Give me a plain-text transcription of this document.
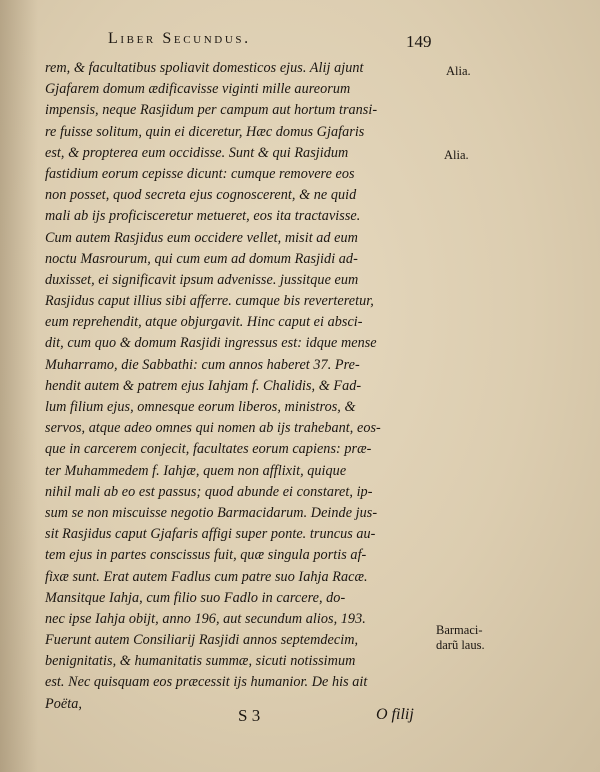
Liber Secundus.	149
rem, & facultatibus spoliavit domesticos ejus. Alij ajunt
Gjafarem domum ædificavisse viginti mille aureorum
impensis, neque Rasjidum per campum aut hortum transi-
re fuisse solitum, quin ei diceretur, Hæc domus Gjafaris
est, & propterea eum occidisse. Sunt & qui Rasjidum
fastidium eorum cepisse dicunt: cumque removere eos
non posset, quod secreta ejus cognoscerent, & ne quid
mali ab ijs proficisceretur metueret, eos ita tractavisse.
Cum autem Rasjidus eum occidere vellet, misit ad eum
noctu Masrourum, qui cum eum ad domum Rasjidi ad-
duxisset, ei significavit ipsum advenisse. jussitque eum
Rasjidus caput illius sibi afferre. cumque bis reverteretur,
eum reprehendit, atque objurgavit. Hinc caput ei absci-
dit, cum quo & domum Rasjidi ingressus est: idque mense
Muharramo, die Sabbathi: cum annos haberet 37. Pre-
hendit autem & patrem ejus Iahjam f. Chalidis, & Fad-
lum filium ejus, omnesque eorum liberos, ministros, &
servos, atque adeo omnes qui nomen ab ijs trahebant, eos-
que in carcerem conjecit, facultates eorum capiens: præ-
ter Muhammedem f. Iahjæ, quem non afflixit, quique
nihil mali ab eo est passus; quod abunde ei constaret, ip-
sum se non miscuisse negotio Barmacidarum. Deinde jus-
sit Rasjidus caput Gjafaris affigi super ponte. truncus au-
tem ejus in partes conscissus fuit, quæ singula portis af-
fixæ sunt. Erat autem Fadlus cum patre suo Iahja Racæ.
Mansitque Iahja, cum filio suo Fadlo in carcere, do-
nec ipse Iahja obijt, anno 196, aut secundum alios, 193.
Fuerunt autem Consiliarij Rasjidi annos septemdecim,
benignitatis, & humanitatis summæ, sicuti notissimum
est. Nec quisquam eos præcessit ijs humanior. De his ait
Poëta,
Alia.
Alia.
Barmaci-
darũ laus.
S 3	O filij
